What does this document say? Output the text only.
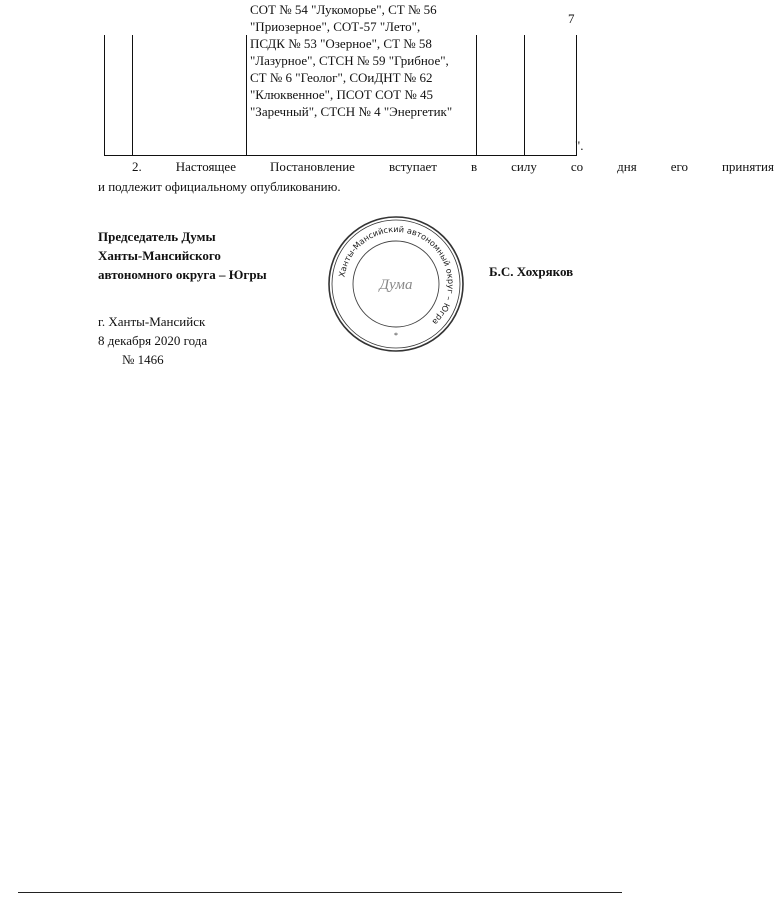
7
СОТ № 54 "Лукоморье", СТ № 56
"Приозерное", СОТ-57 "Лето",
ПСДК № 53 "Озерное", СТ № 58
"Лазурное", СТСН № 59 "Грибное",
СТ № 6 "Геолог", СОиДНТ № 62
"Клюквенное", ПСОТ СОТ № 45
"Заречный", СТСН № 4 "Энергетик"
".
2.	Настоящее	Постановление	вступает	в	силу	со	дня	его	принятия
и подлежит официальному опубликованию.
Председатель Думы
Ханты-Мансийского
автономного округа – Югры	Б.С. Хохряков
г. Ханты-Мансийск
8 декабря 2020 года
№ 1466
Ханты-Мансийский автономный округ – Югра
Дума
*
